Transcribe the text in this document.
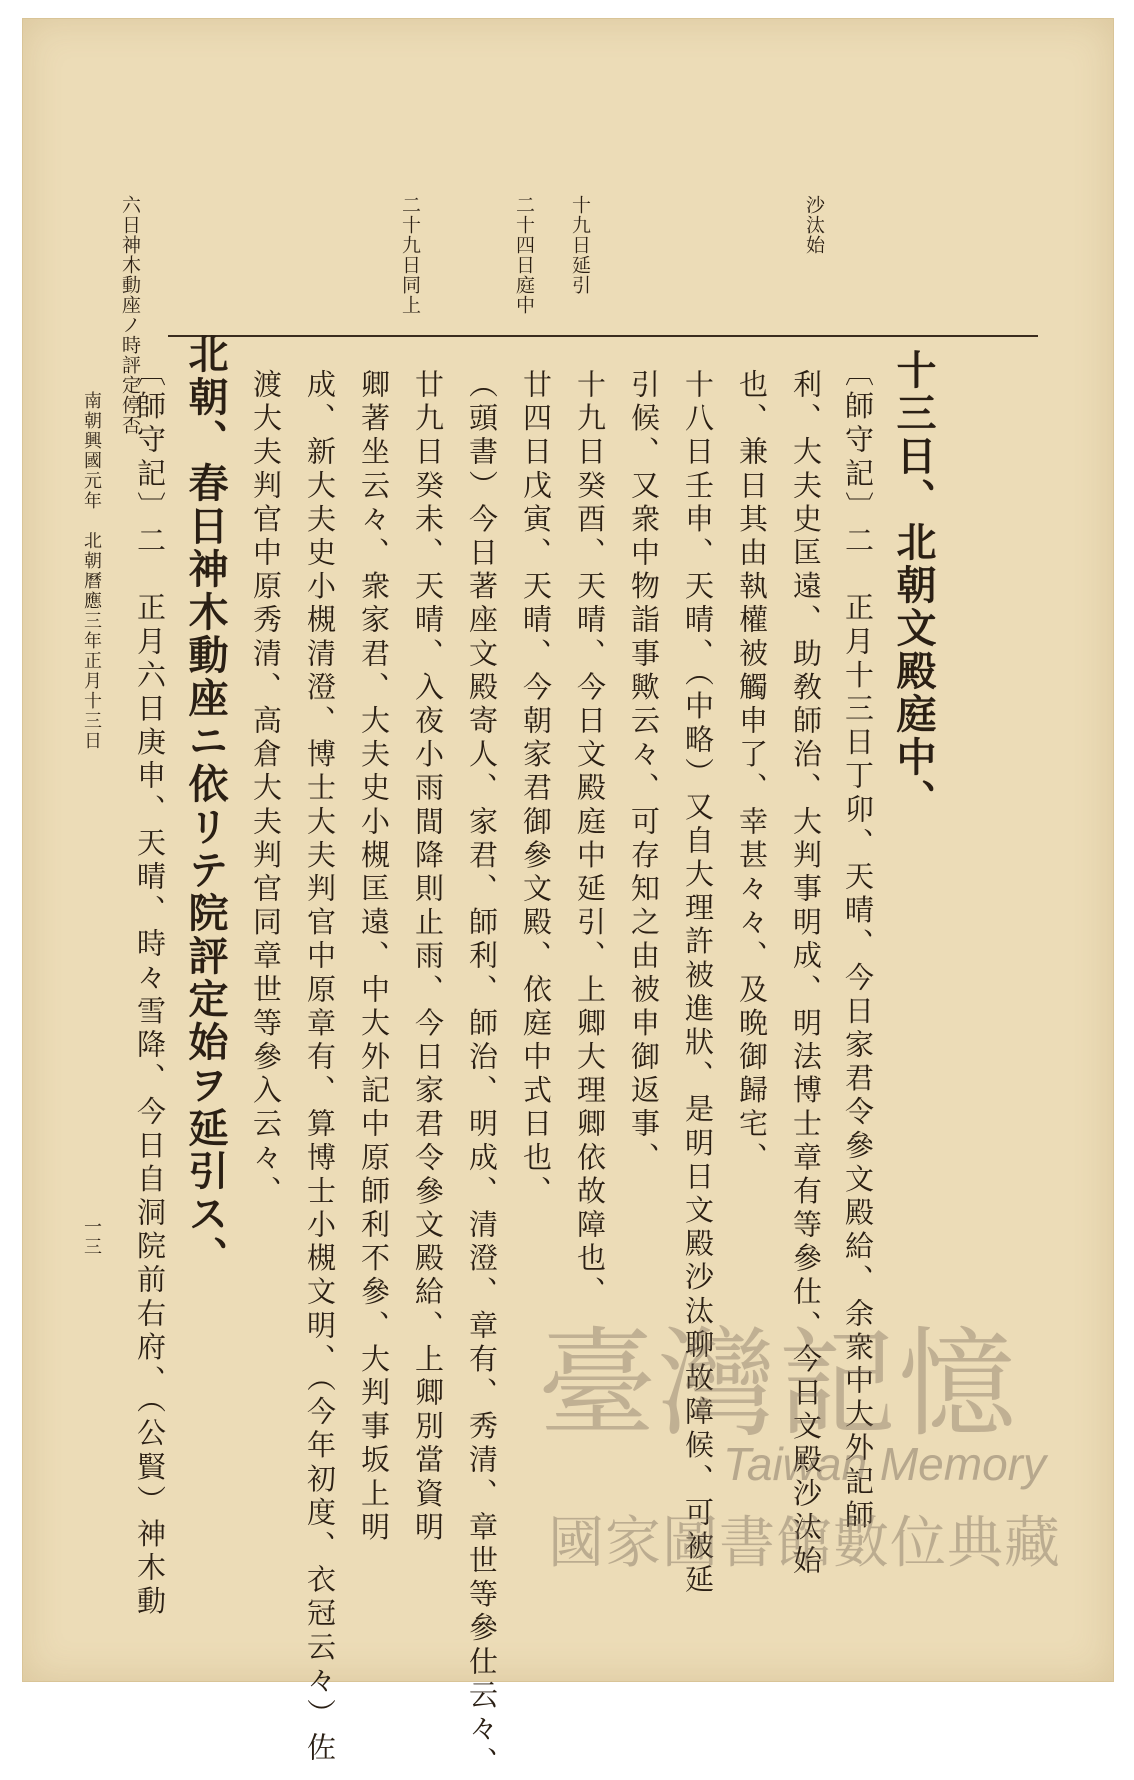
沙汰始

十九日延引

二十四日庭中

二十九日同上

六日神木動座ノ時評定停否

十三日、北朝文殿庭中、

〔師守記〕二　正月十三日丁卯、天晴、今日家君令參文殿給、余衆中大外記師

利、大夫史匡遠、助敎師治、大判事明成、明法博士章有等參仕、今日文殿沙汰始

也、兼日其由執權被觸申了、幸甚々々、及晩御歸宅、

十八日壬申、天晴、（中略）又自大理許被進狀、是明日文殿沙汰聊故障候、可被延

引候、又衆中物詣事歟云々、可存知之由被申御返事、

十九日癸酉、天晴、今日文殿庭中延引、上卿大理卿依故障也、

廿四日戊寅、天晴、今朝家君御參文殿、依庭中式日也、

（頭書）今日著座文殿寄人、家君、師利、師治、明成、清澄、章有、秀清、章世等參仕云々、

廿九日癸未、天晴、入夜小雨間降則止雨、今日家君令參文殿給、上卿別當資明

卿著坐云々、衆家君、大夫史小槻匡遠、中大外記中原師利不參、大判事坂上明

成、新大夫史小槻清澄、博士大夫判官中原章有、算博士小槻文明、（今年初度、衣冠云々）佐

渡大夫判官中原秀清、高倉大夫判官同章世等參入云々、

北朝、春日神木動座ニ依リテ院評定始ヲ延引ス、

〔師守記〕二　正月六日庚申、天晴、時々雪降、今日自洞院前右府、（公賢）神木動

南朝興國元年　北朝曆應三年正月十三日

一三

臺灣記憶
Taiwan Memory
國家圖書館數位典藏
